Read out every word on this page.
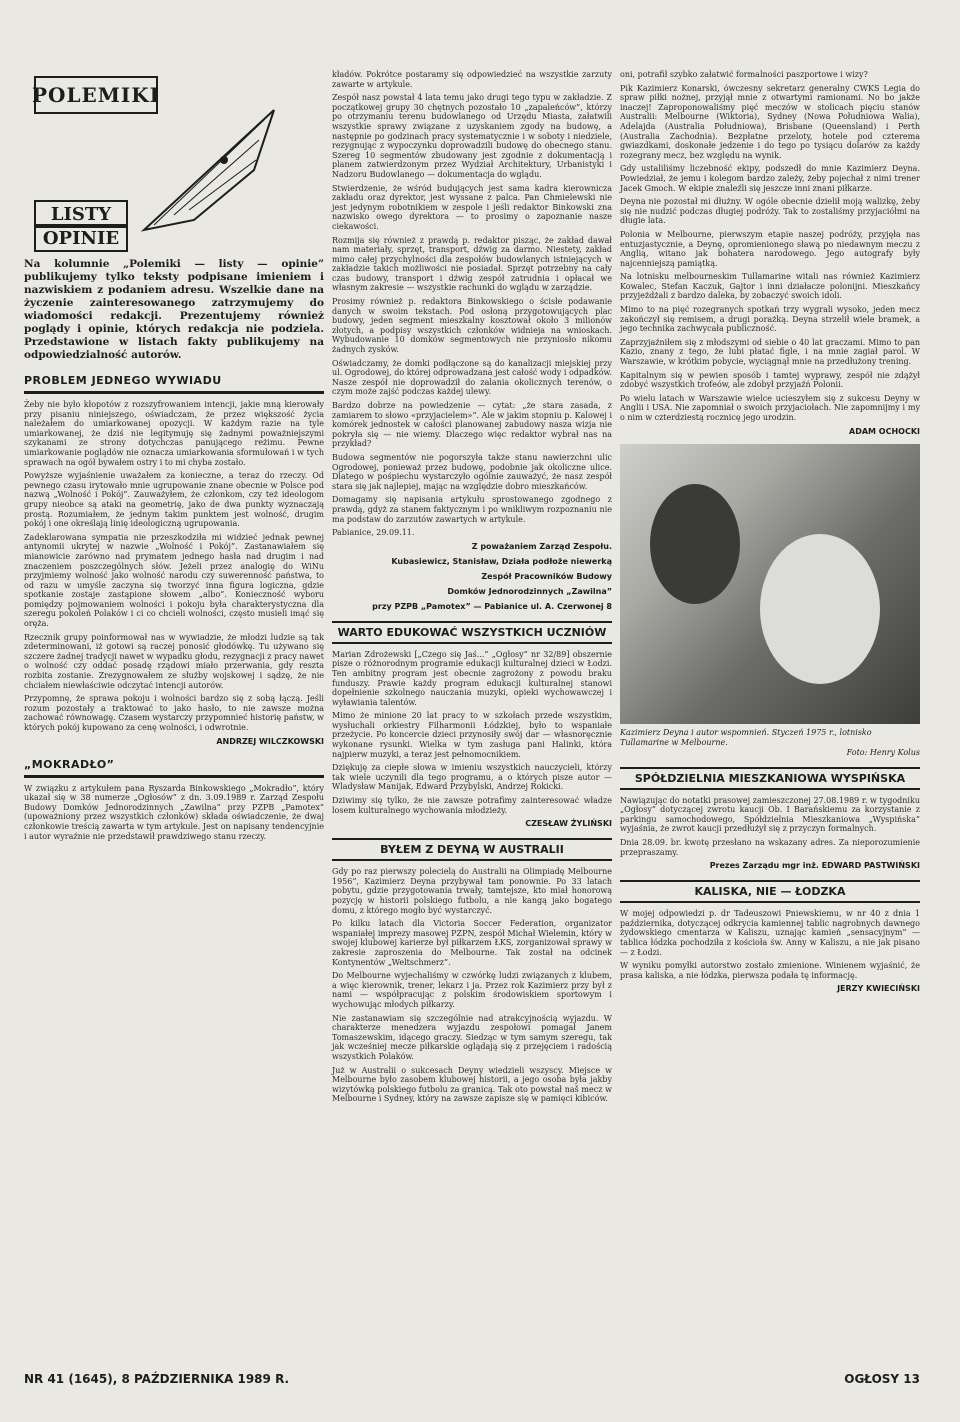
POLEMIKI
LISTY
OPINIE

Na kolumnie „Polemiki — listy — opinie” publikujemy tylko teksty podpisane imieniem i nazwiskiem z podaniem adresu. Wszelkie dane na życzenie zainteresowanego zatrzymujemy do wiadomości redakcji. Prezentujemy również poglądy i opinie, których redakcja nie podziela. Przedstawione w listach fakty publikujemy na odpowiedzialność autorów.

PROBLEM JEDNEGO WYWIADU

Żeby nie było kłopotów z rozszyfrowaniem intencji, jakie mną kierowały przy pisaniu niniejszego, oświadczam, że przez większość życia należałem do umiarkowanej opozycji. W każdym razie na tyle umiarkowanej, że dziś nie legitymuję się żadnymi poważniejszymi szykanami ze strony dotychczas panującego reżimu. Pewne umiarkowanie poglądów nie oznacza umiarkowania sformułowań i w tych sprawach na ogół bywałem ostry i to mi chyba zostało.

Powyższe wyjaśnienie uważałem za konieczne, a teraz do rzeczy. Od pewnego czasu irytowało mnie ugrupowanie znane obecnie w Polsce pod nazwą „Wolność i Pokój”. Zauważyłem, że członkom, czy też ideologom grupy nieobce są ataki na geometrię, jako de dwa punkty wyznaczają prostą. Rozumiałem, że jednym takim punktem jest wolność, drugim pokój i one określają linię ideologiczną ugrupowania.

Zadeklarowana sympatia nie przeszkodziła mi widzieć jednak pewnej antynomii ukrytej w nazwie „Wolność i Pokój”. Zastanawiałem się mianowicie zarówno nad prymatem jednego hasła nad drugim i nad znaczeniem poszczególnych słów. Jeżeli przez analogię do WiNu przyjmiemy wolność jako wolność narodu czy suwerenność państwa, to od razu w umyśle zaczyna się tworzyć inna figura logiczna, gdzie spotkanie zostaje zastąpione słowem „albo”. Konieczność wyboru pomiędzy pojmowaniem wolności i pokoju była charakterystyczna dla szeregu pokoleń Polaków i ci co chcieli wolności, często musieli imąć się oręża.

Rzecznik grupy poinformował nas w wywiadzie, że młodzi ludzie są tak zdeterminowani, iż gotowi są raczej ponosić głodówkę. Tu używano się szczere żadnej tradycji nawet w wypadku głodu, rezygnacji z pracy nawet o wolność czy oddać posadę rządowi miało przerwania, gdy reszta rozbita zostanie. Zrezygnowałem ze służby wojskowej i sądzę, że nie chciałem niewłaściwie odczytać intencji autorów.

Przypomnę, że sprawa pokoju i wolności bardzo się z sobą łączą. Jeśli rozum pozostały a traktować to jako hasło, to nie zawsze można zachować równowagę. Czasem wystarczy przypomnieć historię państw, w których pokój kupowano za cenę wolności, i odwrotnie.

ANDRZEJ WILCZKOWSKI
„MOKRADŁO”

W związku z artykułem pana Ryszarda Binkowskiego „Mokradło”, który ukazał się w 38 numerze „Ogłosów” z dn. 3.09.1989 r. Zarząd Zespołu Budowy Domków Jednorodzinnych „Zawilna” przy PZPB „Pamotex” (upoważniony przez wszystkich członków) składa oświadczenie, że dwaj członkowie treścią zawarta w tym artykule. Jest on napisany tendencyjnie i autor wyraźnie nie przedstawił prawdziwego stanu rzeczy.

kładów. Pokrótce postaramy się odpowiedzieć na wszystkie zarzuty zawarte w artykule.

Zespół nasz powstał 4 lata temu jako drugi tego typu w zakładzie. Z początkowej grupy 30 chętnych pozostało 10 „zapaleńców”, którzy po otrzymaniu terenu budowlanego od Urzędu Miasta, załatwili wszystkie sprawy związane z uzyskaniem zgody na budowę, a następnie po godzinach pracy systematycznie i w soboty i niedziele, rezygnując z wypoczynku doprowadzili budowę do obecnego stanu. Szereg 10 segmentów zbudowany jest zgodnie z dokumentacją i planem zatwierdzonym przez Wydział Architektury, Urbanistyki i Nadzoru Budowlanego — dokumentacja do wglądu.

Stwierdzenie, że wśród budujących jest sama kadra kierownicza zakładu oraz dyrektor, jest wyssane z palca. Pan Chmielewski nie jest jedynym robotnikiem w zespole i jeśli redaktor Binkowski zna nazwisko owego dyrektora — to prosimy o zapoznanie nasze ciekawości.

Rozmija się również z prawdą p. redaktor pisząc, że zakład dawał nam materiały, sprzęt, transport, dźwig za darmo. Niestety, zakład mimo całej przychylności dla zespołów budowlanych istniejących w zakładzie takich możliwości nie posiadał. Sprzęt potrzebny na cały czas budowy, transport i dźwig zespół zatrudnia i opłacał we własnym zakresie — wszystkie rachunki do wglądu w zarządzie.

Prosimy również p. redaktora Binkowskiego o ścisłe podawanie danych w swoim tekstach. Pod osłoną przygotowujących plac budowy, jeden segment mieszkalny kosztował około 3 milionów złotych, a podpisy wszystkich członków widnieja na wnioskach. Wybudowanie 10 domków segmentowych nie przyniosło nikomu żadnych zysków.

Oświadczamy, że domki podłączone są do kanalizacji miejskiej przy ul. Ogrodowej, do której odprowadzana jest całość wody i odpadków. Nasze zespół nie doprowadził do zalania okolicznych terenów, o czym może zajść podczas każdej ulewy.

Bardzo dobrze na powiedzenie — cytat: „że stara zasada, z zamiarem to słowo «przyjacielem»”. Ale w jakim stopniu p. Kalowej i komórek jednostek w całości planowanej zabudowy nasza wizja nie pokryła się — nie wiemy. Dlaczego więc redaktor wybrał nas na przykład?

Budowa segmentów nie pogorszyła także stanu nawierzchni ulic Ogrodowej, ponieważ przez budowę, podobnie jak okoliczne ulice. Dlatego w pośpiechu wystarczyło ogólnie zauważyć, że nasz zespół stara się jak najlepiej, mając na względzie dobro mieszkańców.

Domagamy się napisania artykułu sprostowanego zgodnego z prawdą, gdyż za stanem faktycznym i po wnikliwym rozpoznaniu nie ma podstaw do zarzutów zawartych w artykule.

Pabianice, 29.09.11.

Z poważaniem Zarząd Zespołu.
Kubasiewicz, Stanisław, Działa podłoże niewerką
Zespół Pracowników Budowy
Domków Jednorodzinnych „Zawilna”
przy PZPB „Pamotex” — Pabianice ul. A. Czerwonej 8
WARTO EDUKOWAĆ WSZYSTKICH UCZNIÓW

Marian Zdrożewski [„Czego się Jaś...” „Ogłosy” nr 32/89] obszernie pisze o różnorodnym programie edukacji kulturalnej dzieci w Łodzi. Ten ambitny program jest obecnie zagrożony z powodu braku funduszy. Prawie każdy program edukacji kulturalnej stanowi dopełnienie szkolnego nauczania muzyki, opieki wychowawczej i wyławiania talentów.

Mimo że minione 20 lat pracy to w szkołach przede wszystkim, wysłuchali orkiestry Filharmonii Łódzkiej, było to wspaniałe przeżycie. Po koncercie dzieci przynosiły swój dar — własnoręcznie wykonane rysunki. Wielka w tym zasługa pani Halinki, która najpierw muzyki, a teraz jest pełnomocnikiem.

Dziękuję za ciepłe słowa w imieniu wszystkich nauczycieli, którzy tak wiele uczynili dla tego programu, a o których pisze autor — Wladysław Manijak, Edward Przybylski, Andrzej Rokicki.

Dziwimy się tylko, że nie zawsze potrafimy zainteresować władze losem kulturalnego wychowania młodzieży.

CZESŁAW ŻYLIŃSKI
BYŁEM Z DEYNĄ W AUSTRALII

Gdy po raz pierwszy polecielą do Australii na Olimpiadę Melbourne 1956”, Kazimierz Deyna przybywał tam ponownie. Po 33 latach pobytu, gdzie przygotowania trwały, tamtejsze, kto miał honorową pozycję w historii polskiego futbolu, a nie kangą jako bogatego domu, z którego mogło być wystarczyć.

Po kilku latach dla Victoria Soccer Federation, organizator wspaniałej imprezy masowej PZPN, zespół Michał Wielemin, który w swojej klubowej karierze był piłkarzem ŁKS, zorganizował sprawy w zakresie zaproszenia do Melbourne. Tak został na odcinek Kontynentów „Weltschmerz”.

Do Melbourne wyjechaliśmy w czwórkę ludzi związanych z klubem, a więc kierownik, trener, lekarz i ja. Przez rok Kazimierz przy był z nami — współpracując z polskim środowiskiem sportowym i wychowując młodych piłkarzy.

Nie zastanawiam się szczególnie nad atrakcyjnością wyjazdu. W charakterze menedzera wyjazdu zespołowi pomagał Janem Tomaszewskim, idącego graczy. Siedząc w tym samym szeregu, tak jak wcześniej mecze piłkarskie oglądają się z przejęciem i radością wszystkich Polaków.

Już w Australii o sukcesach Deyny wiedzieli wszyscy. Miejsce w Melbourne było zasobem klubowej historii, a jego osoba była jakby wizytówką polskiego futbolu za granicą. Tak oto powstał naš mecz w Melbourne i Sydney, który na zawsze zapisze się w pamięci kibiców.

oni, potrafił szybko załatwić formalności paszportowe i wizy?

Pik Kazimierz Konarski, ówczesny sekretarz generalny CWKS Legia do spraw piłki nożnej, przyjął mnie z otwartymi ramionami. No bo jakże inaczej! Zaproponowaliśmy pięć meczów w stolicach pięciu stanów Australii: Melbourne (Wiktoria), Sydney (Nowa Południowa Walia), Adelajda (Australia Południowa), Brisbane (Queensland) i Perth (Australia Zachodnia). Bezpłatne przeloty, hotele pod czterema gwiazdkami, doskonałe jedzenie i do tego po tysiącu dolarów za każdy rozegrany mecz, bez względu na wynik.

Gdy ustaliliśmy liczebność ekipy, podszedł do mnie Kazimierz Deyna. Powiedział, że jemu i kolegom bardzo zależy, żeby pojechał z nimi trener Jacek Gmoch. W ekipie znaleźli się jeszcze inni znani piłkarze.

Deyna nie pozostał mi dłużny. W ogóle obecnie dzielił moją walizkę, żeby się nie nudzić podczas długiej podróży. Tak to zostaliśmy przyjaciółmi na długie lata.

Polonia w Melbourne, pierwszym etapie naszej podróży, przyjęła nas entuzjastycznie, a Deynę, opromienionego sławą po niedawnym meczu z Anglią, witano jak bohatera narodowego. Jego autografy były najcenniejszą pamiątką.

Na lotnisku melbourneskim Tullamarine witali nas również Kazimierz Kowalec, Stefan Kaczuk, Gajtor i inni działacze polonijni. Mieszkańcy przyjeżdżali z bardzo daleka, by zobaczyć swoich idoli.

Mimo to na pięć rozegranych spotkań trzy wygrali wysoko, jeden mecz zakończył się remisem, a drugi porażką. Deyna strzelił wiele bramek, a jego technika zachwycała publiczność.

Zaprzyjaźniłem się z młodszymi od siebie o 40 lat graczami. Mimo to pan Kazio, znany z tego, że lubi płatać figle, i na mnie zagiał parol. W Warszawie, w krótkim pobycie, wyciągnął mnie na przedłużony trening.

Kapitalnym się w pewien sposób i tamtej wyprawy, zespół nie zdążył zdobyć wszystkich trofeów, ale zdobył przyjaźń Polonii.

Po wielu latach w Warszawie wielce ucieszyłem się z sukcesu Deyny w Anglii i USA. Nie zapomniał o swoich przyjaciołach. Nie zapomnijmy i my o nim w czterdziestą rocznicę jego urodzin.

ADAM OCHOCKI

Kazimierz Deyna i autor wspomnień. Styczeń 1975 r., lotnisko Tullamarine w Melbourne.

Foto: Henry Kolus

SPÓŁDZIELNIA MIESZKANIOWA WYSPIŃSKA

Nawiązując do notatki prasowej zamieszczonej 27.08.1989 r. w tygodniku „Ogłosy” dotyczącej zwrotu kaucji Ob. I Barańskiemu za korzystanie z parkingu samochodowego, Spółdzielnia Mieszkaniowa „Wyspińska” wyjaśnia, że zwrot kaucji przedłużył się z przyczyn formalnych.

Dnia 28.09. br. kwotę przesłano na wskazany adres. Za nieporozumienie przepraszamy.

Prezes Zarządu mgr inż. EDWARD PASTWIŃSKI
KALISKA, NIE — ŁODZKA

W mojej odpowiedzi p. dr Tadeuszowi Pniewskiemu, w nr 40 z dnia 1 października, dotyczącej odkrycia kamiennej tablic nagrobnych dawnego żydowskiego cmentarza w Kaliszu, uznając kamień „sensacyjnym” — tablica łódzka pochodziła z kościoła św. Anny w Kaliszu, a nie jak pisano — z Łodzi.

W wyniku pomyłki autorstwo zostało zmienione. Winienem wyjaśnić, że prasa kaliska, a nie łódzka, pierwsza podała tę informację.

JERZY KWIECIŃSKI
NR 41 (1645), 8 PAŹDZIERNIKA 1989 R.	OGŁOSY 13
